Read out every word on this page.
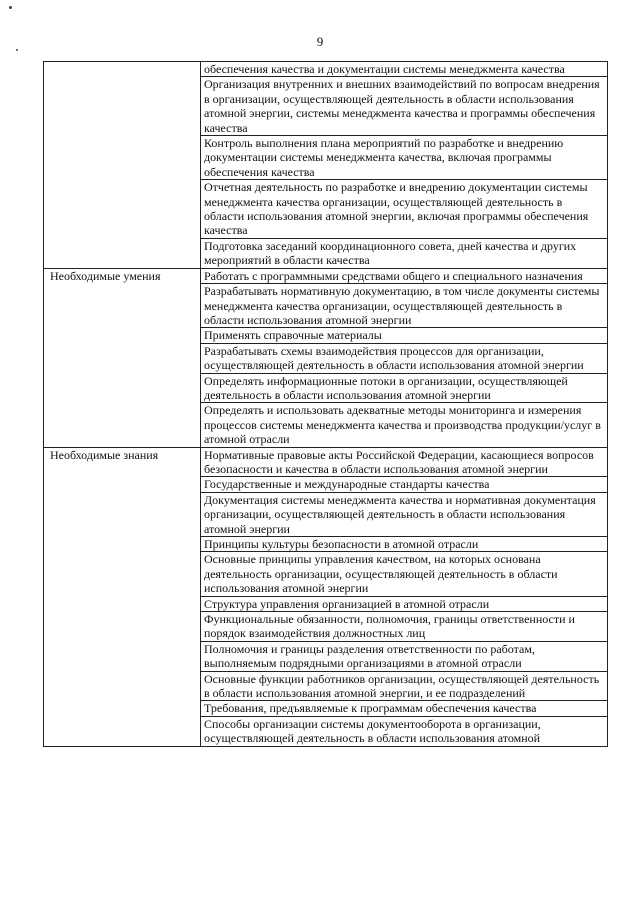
9
	обеспечения качества и документации системы менеджмента качества
	Организация внутренних и внешних взаимодействий по вопросам внедрения в организации, осуществляющей деятельность в области использования атомной энергии, системы менеджмента качества и программы обеспечения качества
	Контроль выполнения плана мероприятий по разработке и внедрению документации системы менеджмента качества, включая программы обеспечения качества
	Отчетная деятельность по разработке и внедрению документации системы менеджмента качества организации, осуществляющей деятельность в области использования атомной энергии, включая программы обеспечения качества
	Подготовка заседаний координационного совета, дней качества и других мероприятий в области качества
Необходимые умения	Работать с программными средствами общего и специального назначения
	Разрабатывать нормативную документацию, в том числе документы системы менеджмента качества организации, осуществляющей деятельность в области использования атомной энергии
	Применять справочные материалы
	Разрабатывать схемы взаимодействия процессов для организации, осуществляющей деятельность в области использования атомной энергии
	Определять информационные потоки в организации, осуществляющей деятельность в области использования атомной энергии
	Определять и использовать адекватные методы мониторинга и измерения процессов системы менеджмента качества и производства продукции/услуг в атомной отрасли
Необходимые знания	Нормативные правовые акты Российской Федерации, касающиеся вопросов безопасности и качества в области использования атомной энергии
	Государственные и международные стандарты качества
	Документация системы менеджмента качества и нормативная документация организации, осуществляющей деятельность в области использования атомной энергии
	Принципы культуры безопасности в атомной отрасли
	Основные принципы управления качеством, на которых основана деятельность организации, осуществляющей деятельность в области использования атомной энергии
	Структура управления организацией в атомной отрасли
	Функциональные обязанности, полномочия, границы ответственности и порядок взаимодействия должностных лиц
	Полномочия и границы разделения ответственности по работам, выполняемым подрядными организациями в атомной отрасли
	Основные функции работников организации, осуществляющей деятельность в области использования атомной энергии, и ее подразделений
	Требования, предъявляемые к программам обеспечения качества
	Способы организации системы документооборота в организации, осуществляющей деятельность в области использования атомной
